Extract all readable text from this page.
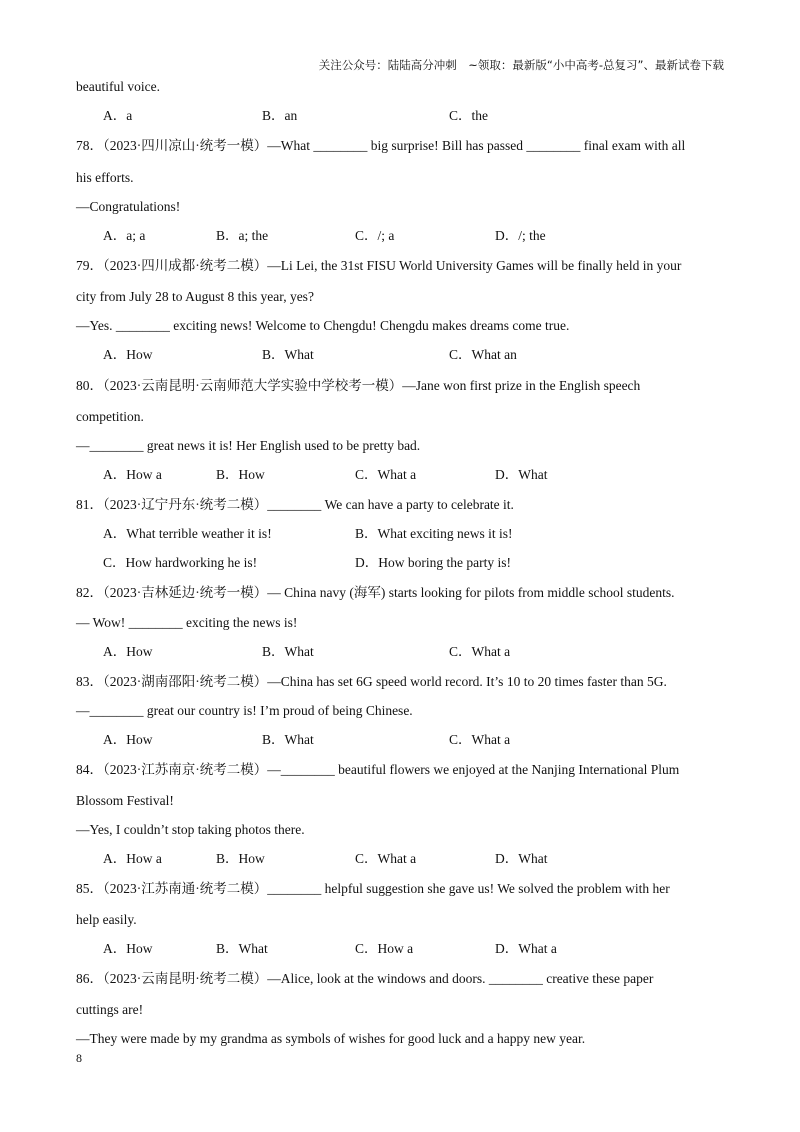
关注公众号：陆陆高分冲刺　~领取：最新版“小中高考-总复习”、最新试卷下载
beautiful voice.
78．（2023·四川凉山·统考一模）—What ________ big surprise! Bill has passed ________ final exam with all
his efforts.
—Congratulations!
79．（2023·四川成都·统考二模）—Li Lei, the 31st FISU World University Games will be finally held in your
city from July 28 to August 8 this year, yes?
—Yes. ________ exciting news! Welcome to Chengdu! Chengdu makes dreams come true.
80．（2023·云南昆明·云南师范大学实验中学校考一模）—Jane won first prize in the English speech
competition.
—________ great news it is! Her English used to be pretty bad.
81．（2023·辽宁丹东·统考二模）________ We can have a party to celebrate it.
82．（2023·吉林延边·统考一模）— China navy (海军) starts looking for pilots from middle school students.
— Wow! ________ exciting the news is!
83．（2023·湖南邵阳·统考二模）—China has set 6G speed world record. It’s 10 to 20 times faster than 5G.
—________ great our country is! I’m proud of being Chinese.
84．（2023·江苏南京·统考二模）—________ beautiful flowers we enjoyed at the Nanjing International Plum
Blossom Festival!
—Yes, I couldn’t stop taking photos there.
85．（2023·江苏南通·统考二模）________ helpful suggestion she gave us! We solved the problem with her
help easily.
86．（2023·云南昆明·统考二模）—Alice, look at the windows and doors. ________ creative these paper
cuttings are!
—They were made by my grandma as symbols of wishes for good luck and a happy new year.
A．a	B．an	C．the
A．a; a	B．a; the	C．/; a	D．/; the
A．How	B．What	C．What an
A．How a	B．How	C．What a	D．What
A．What terrible weather it is!	B．What exciting news it is!
C．How hardworking he is!	D．How boring the party is!
A．How	B．What	C．What a
A．How	B．What	C．What a
A．How a	B．How	C．What a	D．What
A．How	B．What	C．How a	D．What a
8
